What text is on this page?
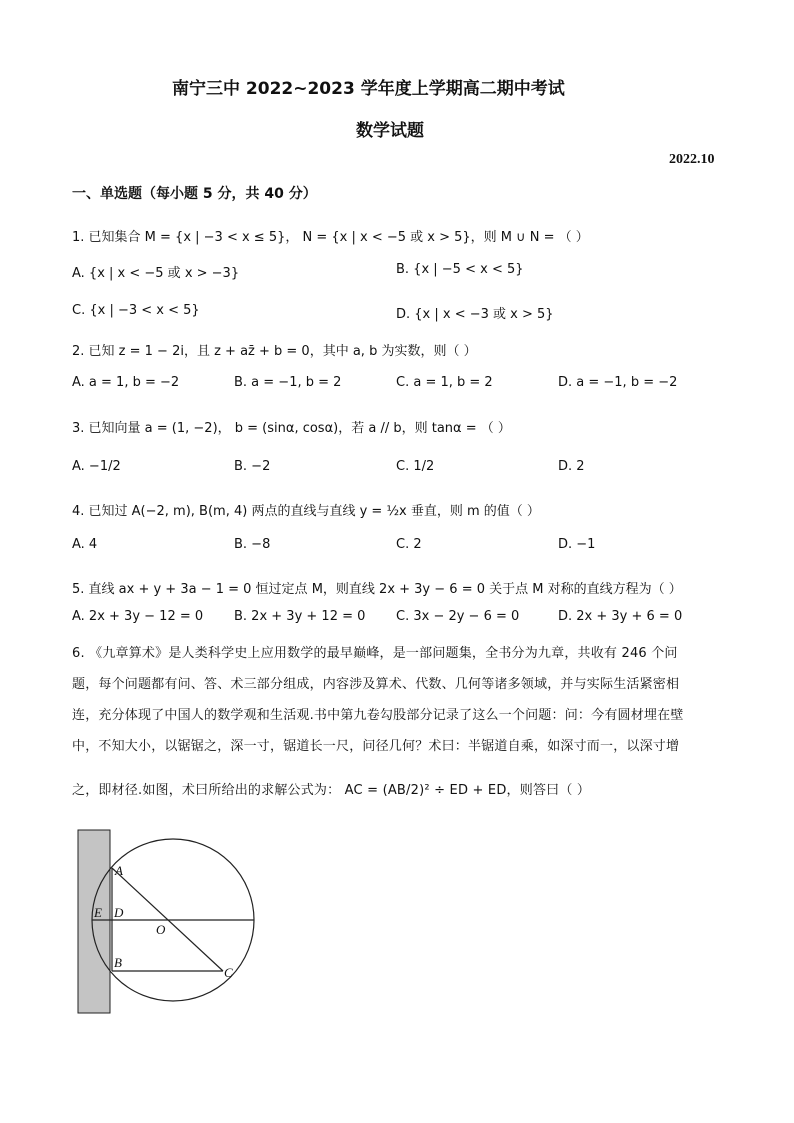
南宁三中 2022~2023 学年度上学期高二期中考试
数学试题
2022.10
一、单选题（每小题 5 分，共 40 分）
1. 已知集合 M = {x | −3 < x ≤ 5}， N = {x | x < −5 或 x > 5}，则 M ∪ N = （ ）
A. {x | x < −5 或 x > −3}	B. {x | −5 < x < 5}
C. {x | −3 < x < 5}	D. {x | x < −3 或 x > 5}
2. 已知 z = 1 − 2i，且 z + az̄ + b = 0，其中 a, b 为实数，则（ ）
A. a = 1, b = −2	B. a = −1, b = 2	C. a = 1, b = 2	D. a = −1, b = −2
3. 已知向量 a = (1, −2)， b = (sinα, cosα)，若 a // b，则 tanα = （ ）
A. −1/2	B. −2	C. 1/2	D. 2
4. 已知过 A(−2, m), B(m, 4) 两点的直线与直线 y = ½x 垂直，则 m 的值（ ）
A. 4	B. −8	C. 2	D. −1
5. 直线 ax + y + 3a − 1 = 0 恒过定点 M，则直线 2x + 3y − 6 = 0 关于点 M 对称的直线方程为（ ）
A. 2x + 3y − 12 = 0 B. 2x + 3y + 12 = 0 C. 3x − 2y − 6 = 0	D. 2x + 3y + 6 = 0
6. 《九章算术》是人类科学史上应用数学的最早巅峰，是一部问题集，全书分为九章，共收有 246 个问
题，每个问题都有问、答、术三部分组成，内容涉及算术、代数、几何等诸多领域，并与实际生活紧密相
连，充分体现了中国人的数学观和生活观.书中第九卷勾股部分记录了这么一个问题：问：今有圆材埋在壁
中，不知大小，以锯锯之，深一寸，锯道长一尺，问径几何？术曰：半锯道自乘，如深寸而一，以深寸增
之，即材径.如图，术曰所给出的求解公式为： AC = (AB/2)² ÷ ED + ED，则答曰（ ）
A
D
E
O
B
C
